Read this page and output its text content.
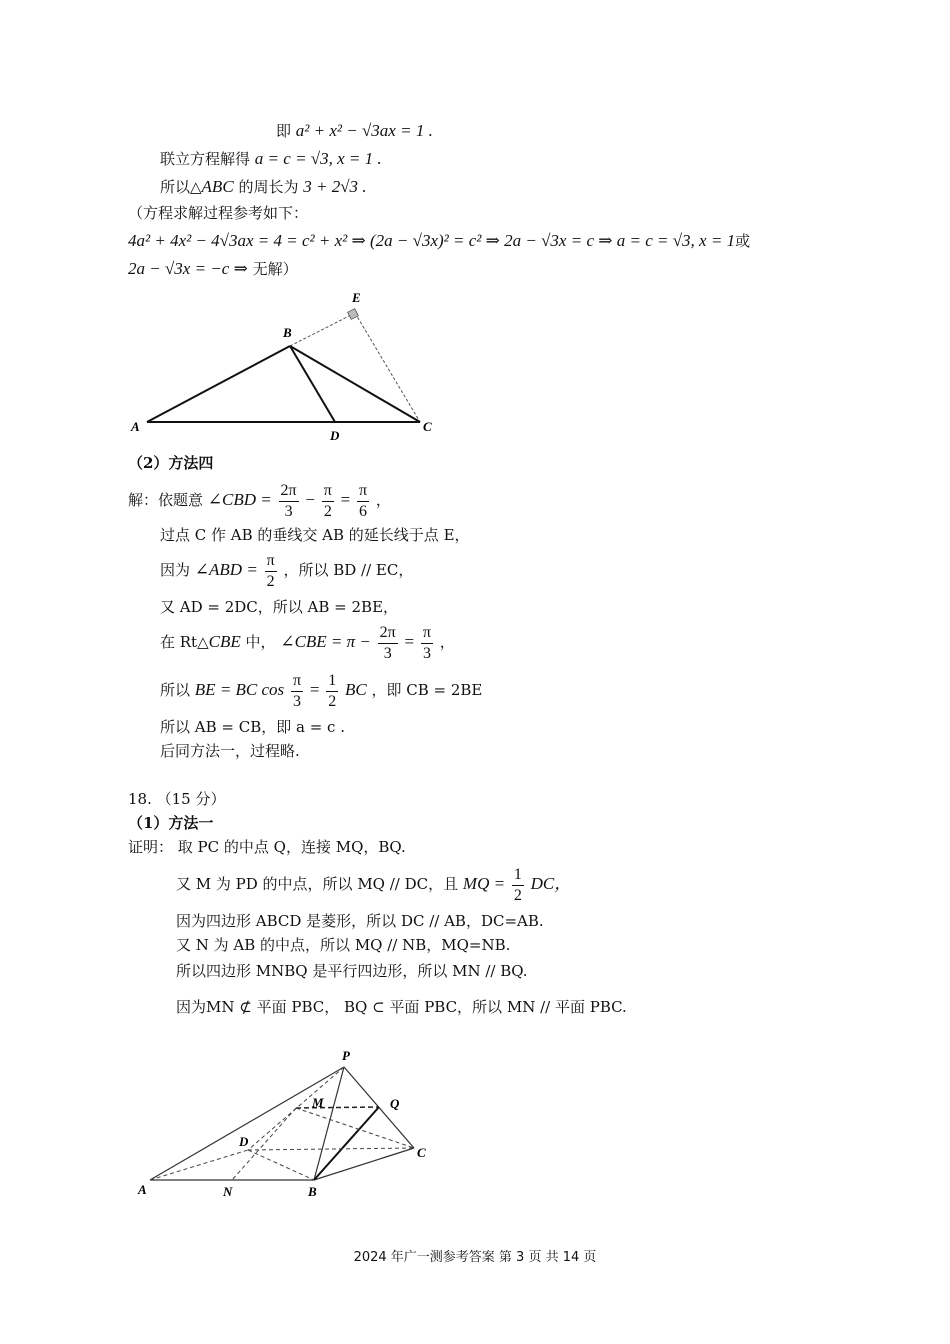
即 a² + x² − √3ax = 1 .
联立方程解得 a = c = √3, x = 1 .
所以△ABC 的周长为 3 + 2√3 .
（方程求解过程参考如下：
4a² + 4x² − 4√3ax = 4 = c² + x² ⇒ (2a − √3x)² = c² ⇒ 2a − √3x = c ⇒ a = c = √3, x = 1或
2a − √3x = −c ⇒ 无解）
E
B
A
D
C
（2）方法四
解：依题意 ∠CBD = $\frac{2\pi}{3} - \frac{\pi}{2} = \frac{\pi}{6}$ ，
过点 C 作 AB 的垂线交 AB 的延长线于点 E，
因为 ∠ABD = $\frac{\pi}{2}$ ，所以 BD // EC，
又 AD = 2DC，所以 AB = 2BE，
在 Rt△CBE 中， ∠CBE = $\pi - \frac{2\pi}{3} = \frac{\pi}{3}$ ，
所以 BE = BC $\cos \frac{\pi}{3} = \frac{1}{2}$ BC ，即 CB = 2BE
所以 AB = CB，即 a = c .
后同方法一，过程略.
18. （15 分）
（1）方法一
证明： 取 PC 的中点 Q，连接 MQ，BQ.
又 M 为 PD 的中点，所以 MQ // DC，且 MQ = $\frac{1}{2}$ DC，
因为四边形 ABCD 是菱形，所以 DC // AB，DC=AB.
又 N 为 AB 的中点，所以 MQ // NB，MQ=NB.
所以四边形 MNBQ 是平行四边形，所以 MN // BQ.
因为MN ⊄ 平面 PBC， BQ ⊂ 平面 PBC，所以 MN // 平面 PBC.
P
M	Q
D
C
A	N	B
2024 年广一测参考答案 第 3 页 共 14 页
